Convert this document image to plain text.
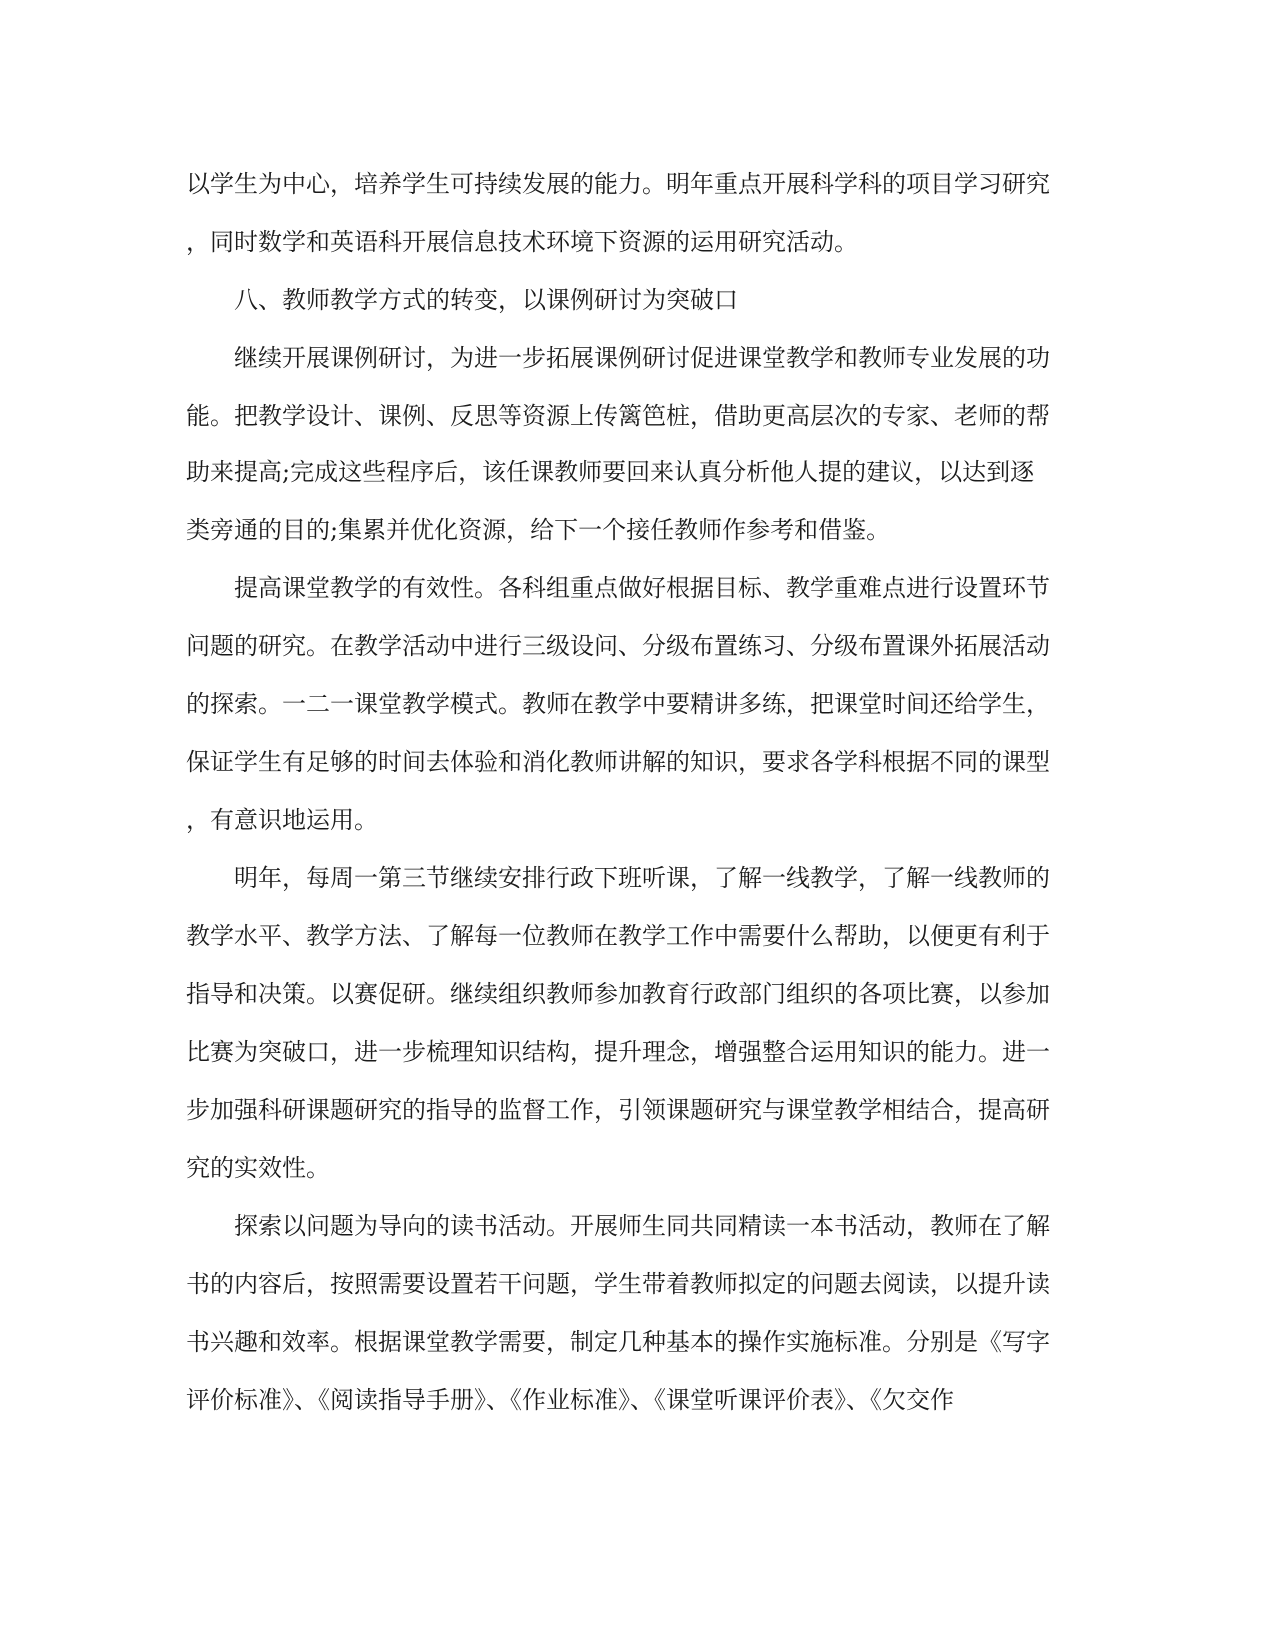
以学生为中心，培养学生可持续发展的能力。明年重点开展科学科的项目学习研究
，同时数学和英语科开展信息技术环境下资源的运用研究活动。
八、教师教学方式的转变，以课例研讨为突破口
继续开展课例研讨，为进一步拓展课例研讨促进课堂教学和教师专业发展的功
能。把教学设计、课例、反思等资源上传篱笆桩，借助更高层次的专家、老师的帮
助来提高;完成这些程序后，该任课教师要回来认真分析他人提的建议，以达到逐
类旁通的目的;集累并优化资源，给下一个接任教师作参考和借鉴。
提高课堂教学的有效性。各科组重点做好根据目标、教学重难点进行设置环节
问题的研究。在教学活动中进行三级设问、分级布置练习、分级布置课外拓展活动
的探索。一二一课堂教学模式。教师在教学中要精讲多练，把课堂时间还给学生，
保证学生有足够的时间去体验和消化教师讲解的知识，要求各学科根据不同的课型
，有意识地运用。
明年，每周一第三节继续安排行政下班听课，了解一线教学，了解一线教师的
教学水平、教学方法、了解每一位教师在教学工作中需要什么帮助，以便更有利于
指导和决策。以赛促研。继续组织教师参加教育行政部门组织的各项比赛，以参加
比赛为突破口，进一步梳理知识结构，提升理念，增强整合运用知识的能力。进一
步加强科研课题研究的指导的监督工作，引领课题研究与课堂教学相结合，提高研
究的实效性。
探索以问题为导向的读书活动。开展师生同共同精读一本书活动，教师在了解
书的内容后，按照需要设置若干问题，学生带着教师拟定的问题去阅读，以提升读
书兴趣和效率。根据课堂教学需要，制定几种基本的操作实施标准。分别是《写字
评价标准》、《阅读指导手册》、《作业标准》、《课堂听课评价表》、《欠交作
